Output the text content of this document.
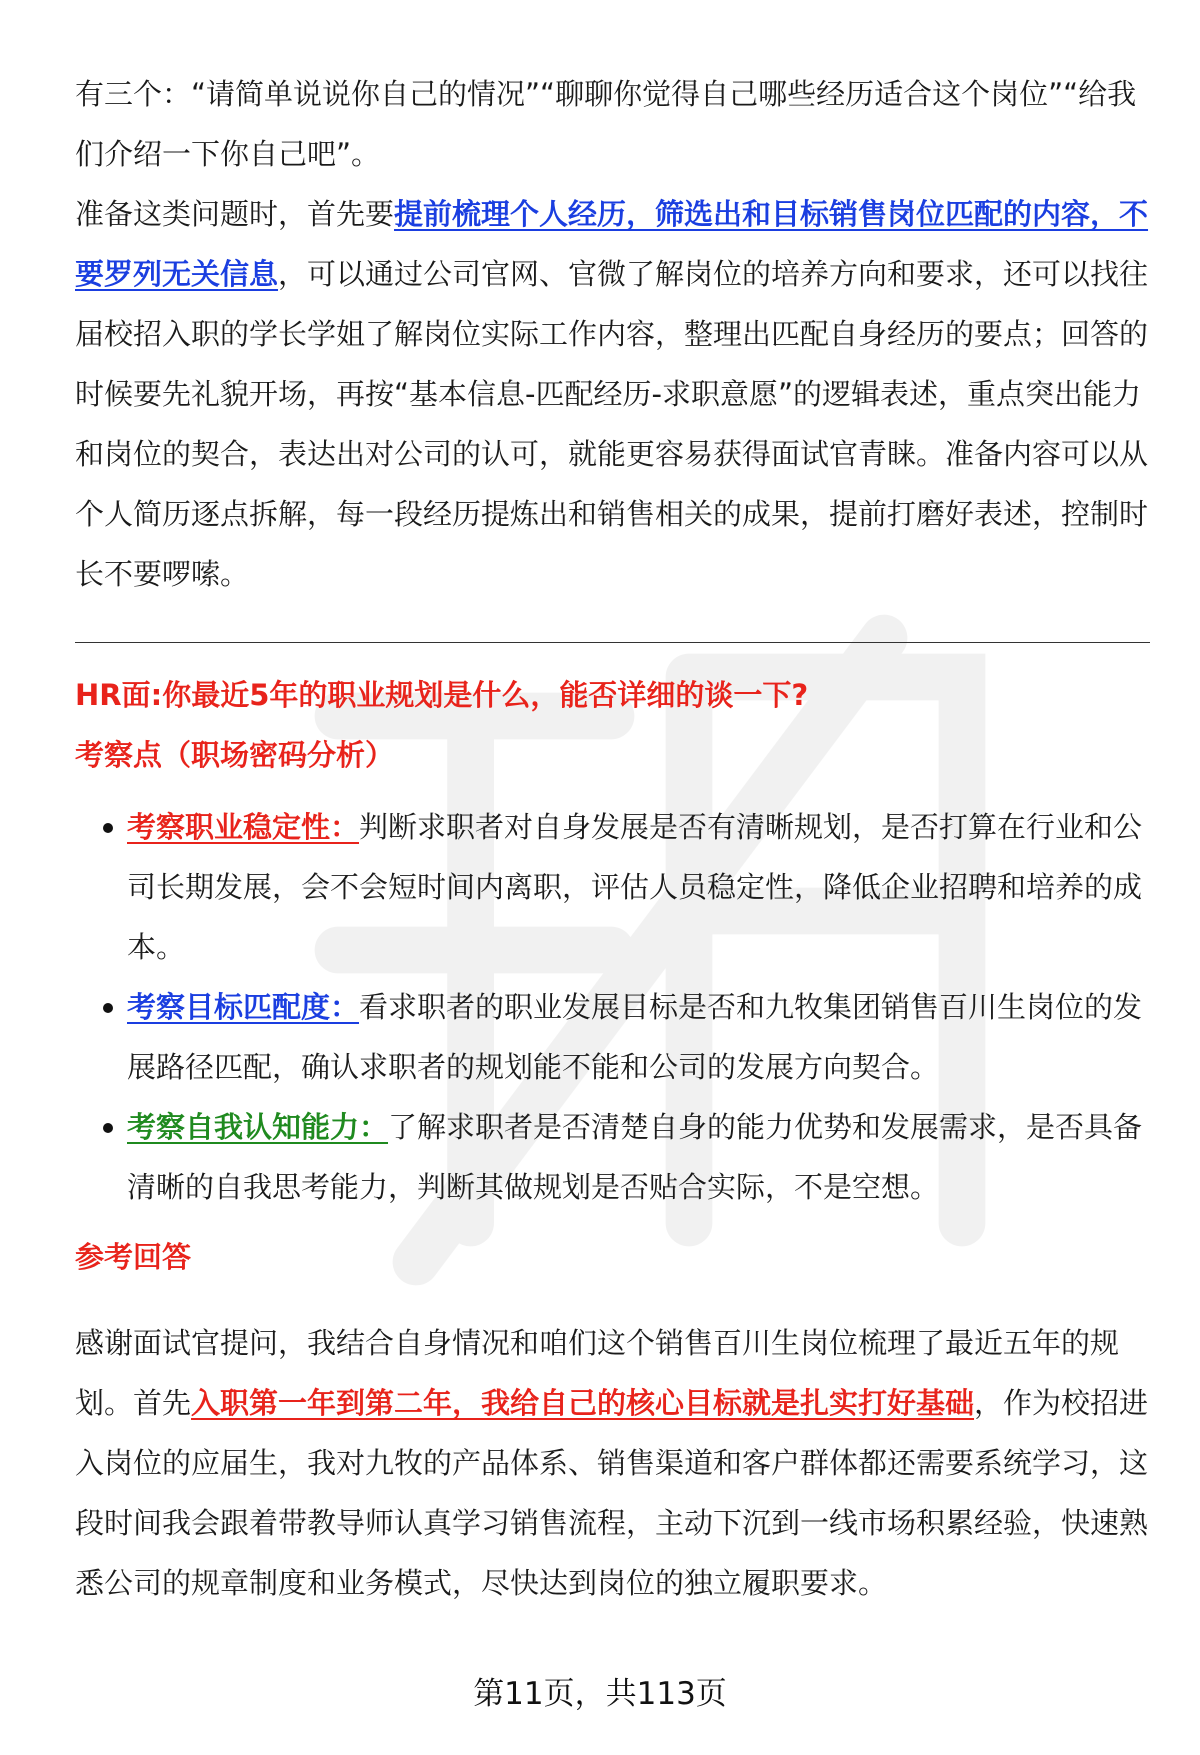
有三个：“请简单说说你自己的情况”“聊聊你觉得自己哪些经历适合这个岗位”“给我们介绍一下你自己吧”。

准备这类问题时，首先要提前梳理个人经历，筛选出和目标销售岗位匹配的内容，不要罗列无关信息，可以通过公司官网、官微了解岗位的培养方向和要求，还可以找往届校招入职的学长学姐了解岗位实际工作内容，整理出匹配自身经历的要点；回答的时候要先礼貌开场，再按“基本信息-匹配经历-求职意愿”的逻辑表述，重点突出能力和岗位的契合，表达出对公司的认可，就能更容易获得面试官青睐。准备内容可以从个人简历逐点拆解，每一段经历提炼出和销售相关的成果，提前打磨好表述，控制时长不要啰嗦。

HR面:你最近5年的职业规划是什么，能否详细的谈一下?

考察点（职场密码分析）

考察职业稳定性：判断求职者对自身发展是否有清晰规划，是否打算在行业和公司长期发展，会不会短时间内离职，评估人员稳定性，降低企业招聘和培养的成本。
考察目标匹配度：看求职者的职业发展目标是否和九牧集团销售百川生岗位的发展路径匹配，确认求职者的规划能不能和公司的发展方向契合。
考察自我认知能力：了解求职者是否清楚自身的能力优势和发展需求，是否具备清晰的自我思考能力，判断其做规划是否贴合实际，不是空想。

参考回答

感谢面试官提问，我结合自身情况和咱们这个销售百川生岗位梳理了最近五年的规划。首先入职第一年到第二年，我给自己的核心目标就是扎实打好基础，作为校招进入岗位的应届生，我对九牧的产品体系、销售渠道和客户群体都还需要系统学习，这段时间我会跟着带教导师认真学习销售流程，主动下沉到一线市场积累经验，快速熟悉公司的规章制度和业务模式，尽快达到岗位的独立履职要求。

第11页，共113页
